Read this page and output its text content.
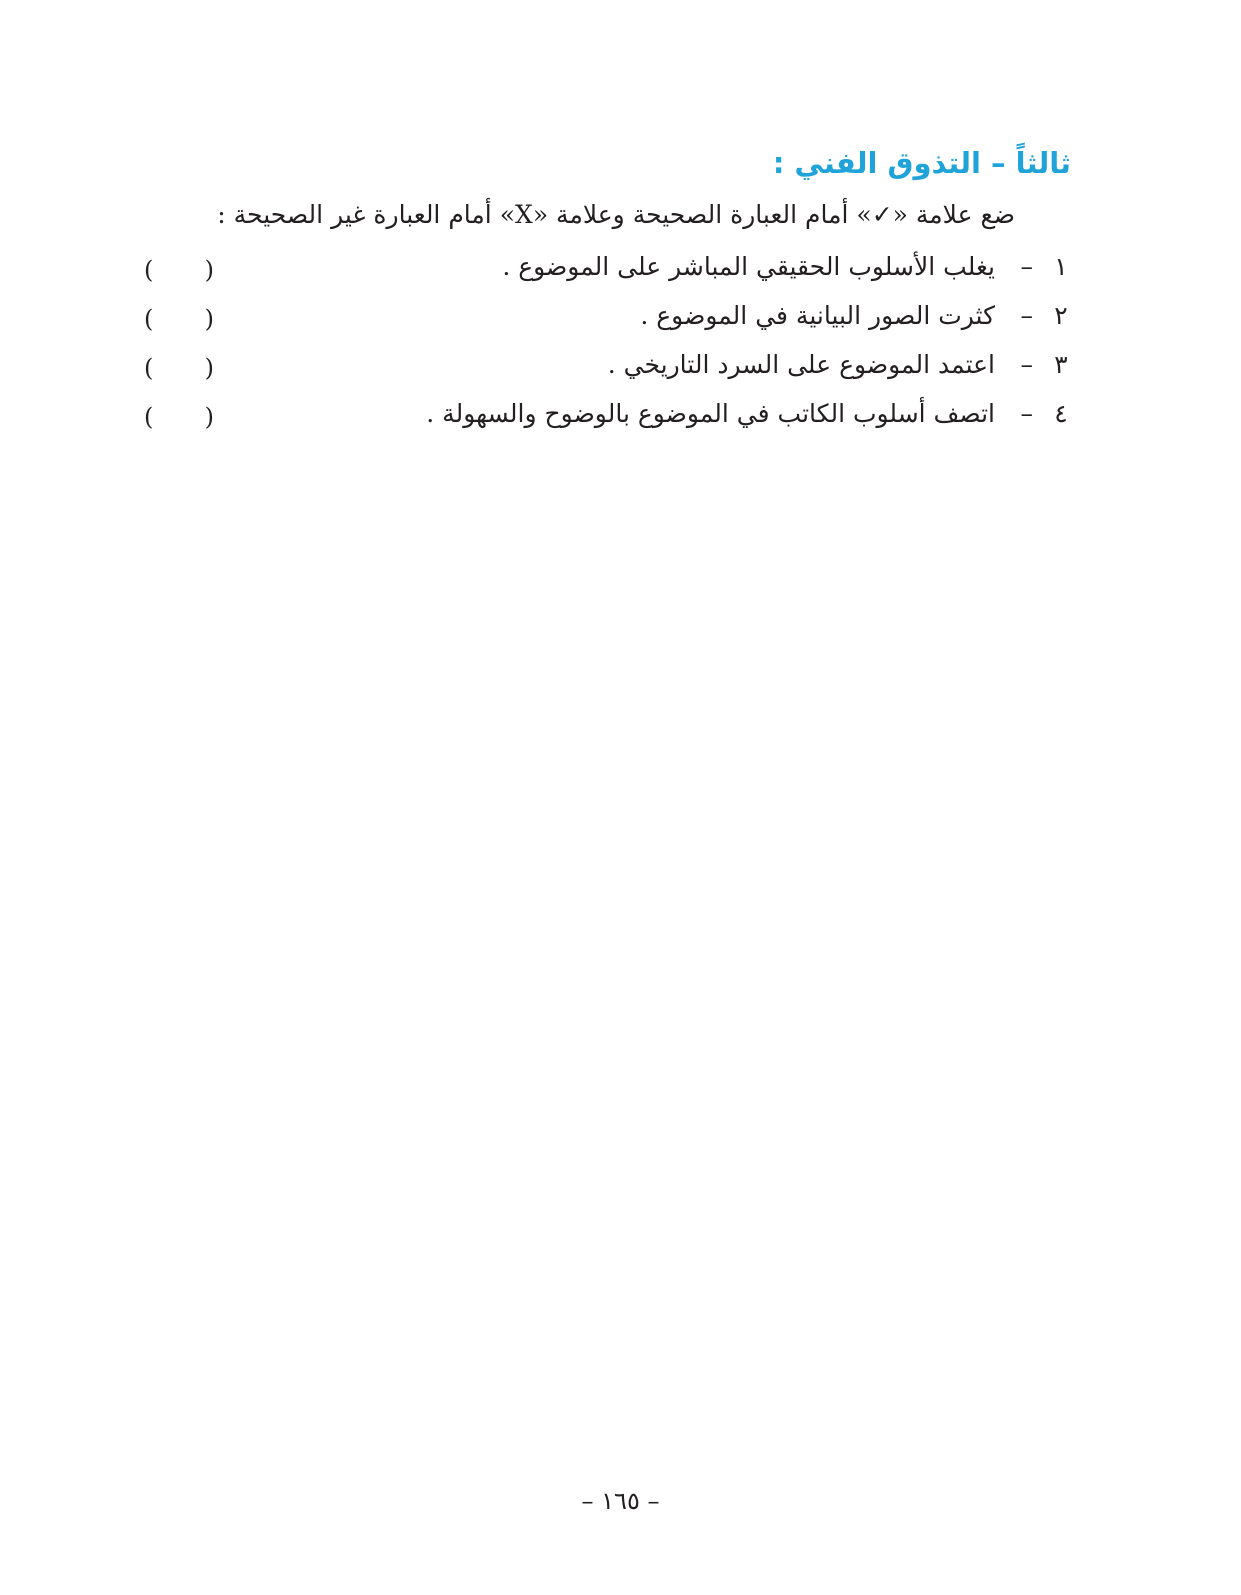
ثالثاً – التذوق الفني :
ضع علامة «✓» أمام العبارة الصحيحة وعلامة «X» أمام العبارة غير الصحيحة :
١
–
يغلب الأسلوب الحقيقي المباشر على الموضوع .
( )
٢
–
كثرت الصور البيانية في الموضوع .
( )
٣
–
اعتمد الموضوع على السرد التاريخي .
( )
٤
–
اتصف أسلوب الكاتب في الموضوع بالوضوح والسهولة .
( )
– ١٦٥ –
